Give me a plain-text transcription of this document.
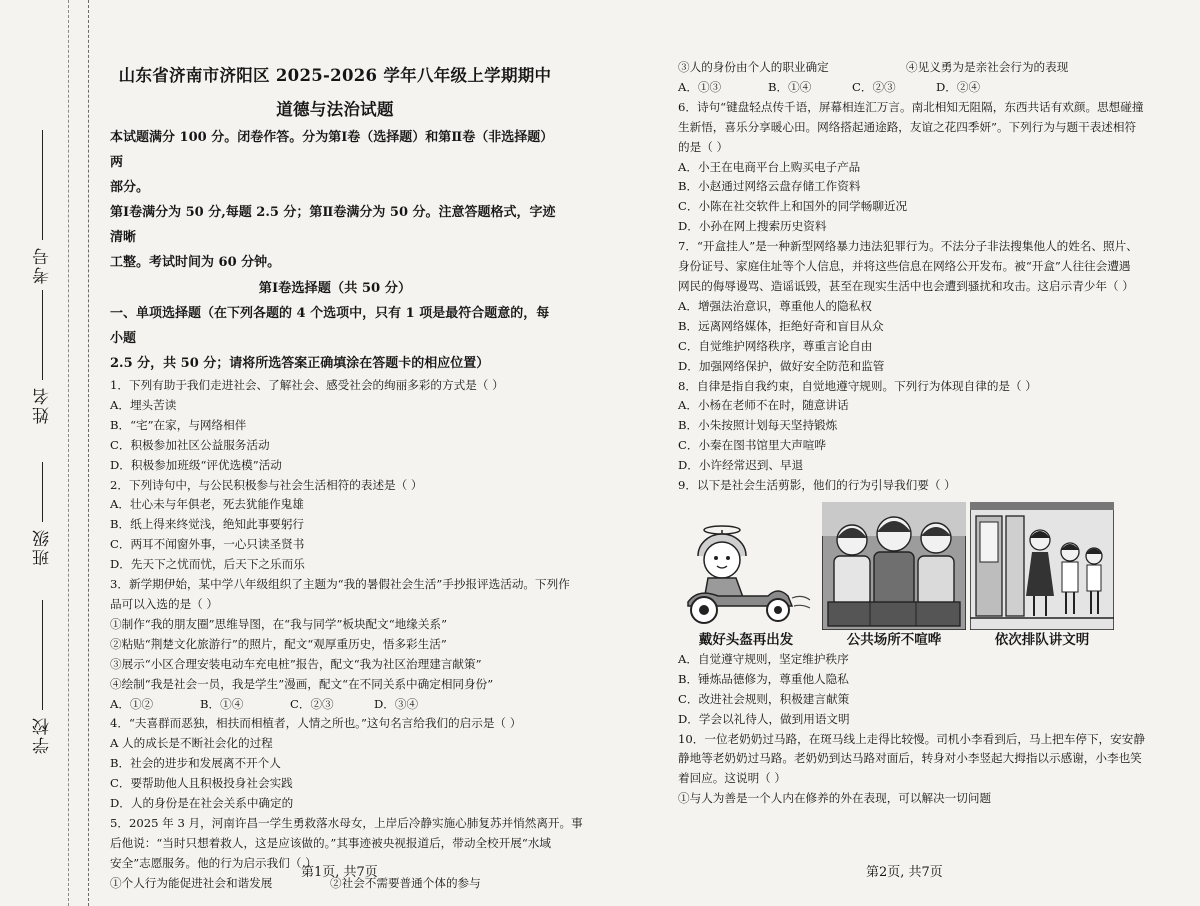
考号
姓名
班级
学校
山东省济南市济阳区 2025-2026 学年八年级上学期期中
道德与法治试题
本试题满分 100 分。闭卷作答。分为第Ⅰ卷（选择题）和第Ⅱ卷（非选择题）两
部分。
第Ⅰ卷满分为 50 分,每题 2.5 分；第Ⅱ卷满分为 50 分。注意答题格式，字迹清晰
工整。考试时间为 60 分钟。
第Ⅰ卷选择题（共 50 分）
一、单项选择题（在下列各题的 4 个选项中，只有 1 项是最符合题意的，每小题
2.5 分，共 50 分；请将所选答案正确填涂在答题卡的相应位置）
1．下列有助于我们走进社会、了解社会、感受社会的绚丽多彩的方式是（ ）
A．埋头苦读
B．“宅”在家，与网络相伴
C．积极参加社区公益服务活动
D．积极参加班级“评优选模”活动
2．下列诗句中，与公民积极参与社会生活相符的表述是（ ）
A．壮心未与年俱老，死去犹能作鬼雄
B．纸上得来终觉浅，绝知此事要躬行
C．两耳不闻窗外事，一心只读圣贤书
D．先天下之忧而忧，后天下之乐而乐
3．新学期伊始，某中学八年级组织了主题为“我的暑假社会生活”手抄报评选活动。下列作
品可以入选的是（ ）
①制作“我的朋友圈”思维导图，在“我与同学”板块配文“地缘关系”
②粘贴“荆楚文化旅游行”的照片，配文“观厚重历史，悟多彩生活”
③展示“小区合理安装电动车充电桩”报告，配文“我为社区治理建言献策”
④绘制“我是社会一员，我是学生”漫画，配文“在不同关系中确定相同身份”
A．①②	B．①④	C．②③	D．③④
4．“夫喜群而恶独，相扶而相植者，人情之所也。”这句名言给我们的启示是（ ）
A 人的成长是不断社会化的过程
B．社会的进步和发展离不开个人
C．要帮助他人且积极投身社会实践
D．人的身份是在社会关系中确定的
5．2025 年 3 月，河南许昌一学生勇救落水母女，上岸后冷静实施心肺复苏并悄然离开。事
后他说：“当时只想着救人，这是应该做的。”其事迹被央视报道后，带动全校开展“水域
安全”志愿服务。他的行为启示我们（ ）
①个人行为能促进社会和谐发展	②社会不需要普通个体的参与
第1页, 共7页
③人的身份由个人的职业确定	④见义勇为是亲社会行为的表现
A．①③	B．①④	C．②③	D．②④
6．诗句“键盘轻点传千语，屏幕相连汇万言。南北相知无阻隔，东西共话有欢颜。思想碰撞
生新悟，喜乐分享暖心田。网络搭起通途路，友谊之花四季妍”。下列行为与题干表述相符
的是（ ）
A．小王在电商平台上购买电子产品
B．小赵通过网络云盘存储工作资料
C．小陈在社交软件上和国外的同学畅聊近况
D．小孙在网上搜索历史资料
7．“开盒挂人”是一种新型网络暴力违法犯罪行为。不法分子非法搜集他人的姓名、照片、
身份证号、家庭住址等个人信息，并将这些信息在网络公开发布。被“开盒”人往往会遭遇
网民的侮辱谩骂、造谣诋毁，甚至在现实生活中也会遭到骚扰和攻击。这启示青少年（ ）
A．增强法治意识，尊重他人的隐私权
B．远离网络媒体，拒绝好奇和盲目从众
C．自觉维护网络秩序，尊重言论自由
D．加强网络保护，做好安全防范和监管
8．自律是指自我约束，自觉地遵守规则。下列行为体现自律的是（ ）
A．小杨在老师不在时，随意讲话
B．小朱按照计划每天坚持锻炼
C．小秦在图书馆里大声喧哗
D．小许经常迟到、早退
9．以下是社会生活剪影，他们的行为引导我们要（ ）
戴好头盔再出发	公共场所不喧哗	依次排队讲文明
A．自觉遵守规则，坚定维护秩序
B．锤炼品德修为，尊重他人隐私
C．改进社会规则，积极建言献策
D．学会以礼待人，做到用语文明
10．一位老奶奶过马路，在斑马线上走得比较慢。司机小李看到后，马上把车停下，安安静
静地等老奶奶过马路。老奶奶到达马路对面后，转身对小李竖起大拇指以示感谢，小李也笑
着回应。这说明（ ）
①与人为善是一个人内在修养的外在表现，可以解决一切问题
第2页, 共7页
